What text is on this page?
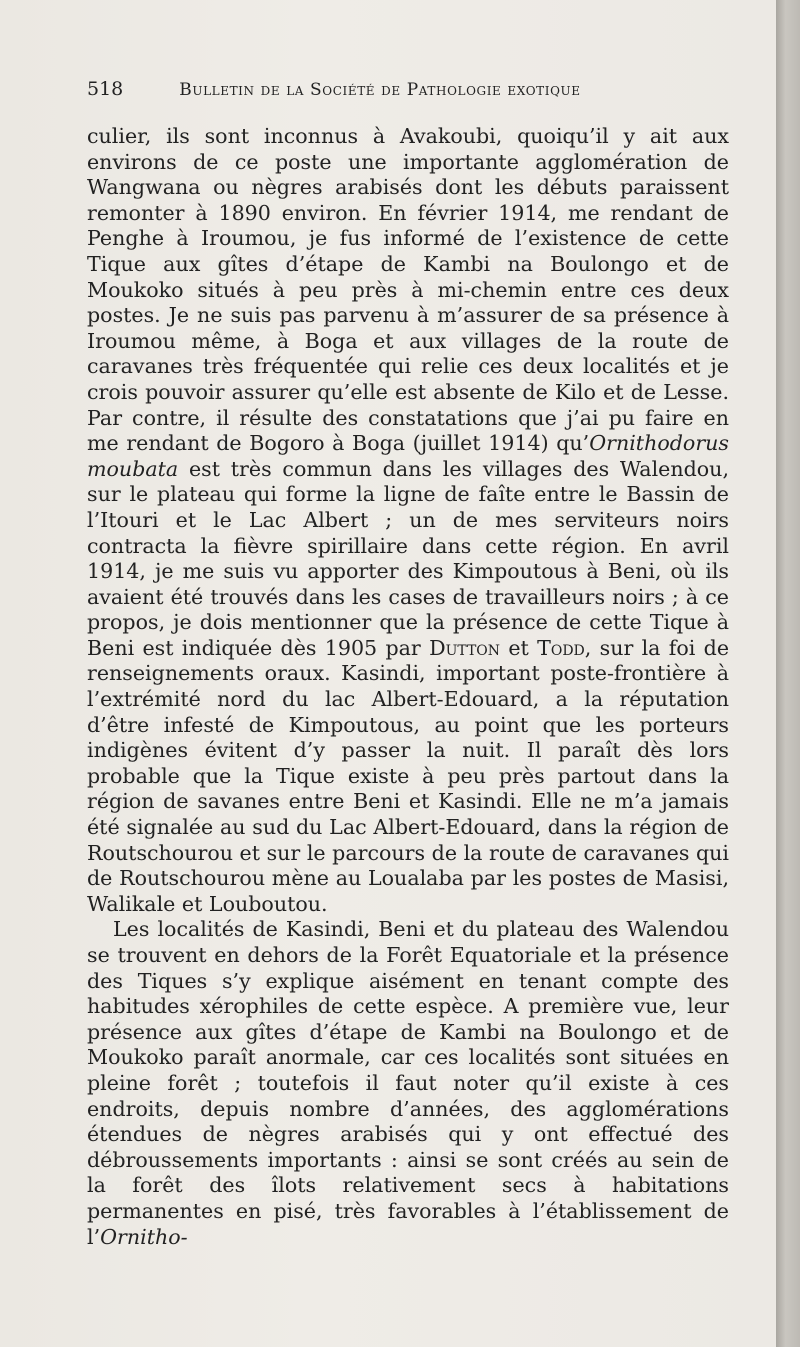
518	Bulletin de la Société de Pathologie exotique

culier, ils sont inconnus à Avakoubi, quoiqu’il y ait aux environs de ce poste une importante agglomération de Wangwana ou nègres arabisés dont les débuts paraissent remonter à 1890 environ. En février 1914, me rendant de Penghe à Iroumou, je fus informé de l’existence de cette Tique aux gîtes d’étape de Kambi na Boulongo et de Moukoko situés à peu près à mi-chemin entre ces deux postes. Je ne suis pas parvenu à m’assurer de sa présence à Iroumou même, à Boga et aux villages de la route de caravanes très fréquentée qui relie ces deux localités et je crois pouvoir assurer qu’elle est absente de Kilo et de Lesse. Par contre, il résulte des constatations que j’ai pu faire en me rendant de Bogoro à Boga (juillet 1914) qu’Ornithodorus moubata est très commun dans les villages des Walendou, sur le plateau qui forme la ligne de faîte entre le Bassin de l’Itouri et le Lac Albert ; un de mes serviteurs noirs contracta la fièvre spirillaire dans cette région. En avril 1914, je me suis vu apporter des Kimpoutous à Beni, où ils avaient été trouvés dans les cases de travailleurs noirs ; à ce propos, je dois mentionner que la présence de cette Tique à Beni est indiquée dès 1905 par Dutton et Todd, sur la foi de renseignements oraux. Kasindi, important poste-frontière à l’extrémité nord du lac Albert-Edouard, a la réputation d’être infesté de Kimpoutous, au point que les porteurs indigènes évitent d’y passer la nuit. Il paraît dès lors probable que la Tique existe à peu près partout dans la région de savanes entre Beni et Kasindi. Elle ne m’a jamais été signalée au sud du Lac Albert-Edouard, dans la région de Routschourou et sur le parcours de la route de caravanes qui de Routschourou mène au Loualaba par les postes de Masisi, Walikale et Louboutou.

Les localités de Kasindi, Beni et du plateau des Walendou se trouvent en dehors de la Forêt Equatoriale et la présence des Tiques s’y explique aisément en tenant compte des habitudes xérophiles de cette espèce. A première vue, leur présence aux gîtes d’étape de Kambi na Boulongo et de Moukoko paraît anormale, car ces localités sont situées en pleine forêt ; toutefois il faut noter qu’il existe à ces endroits, depuis nombre d’années, des agglomérations étendues de nègres arabisés qui y ont effectué des débroussements importants : ainsi se sont créés au sein de la forêt des îlots relativement secs à habitations permanentes en pisé, très favorables à l’établissement de l’Ornitho-
